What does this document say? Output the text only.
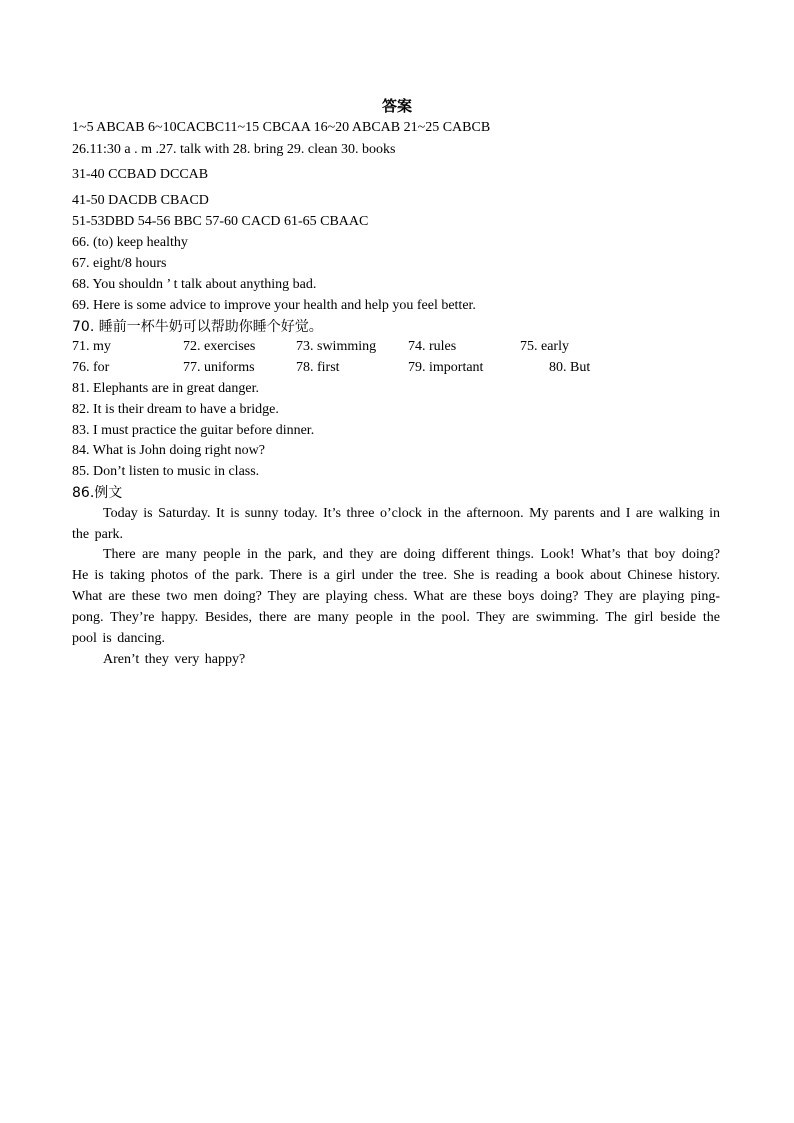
答案
1~5 ABCAB 6~10CACBC11~15 CBCAA 16~20 ABCAB 21~25 CABCB
26.11:30 a . m .27. talk with 28. bring 29. clean 30. books
31-40 CCBAD DCCAB
41-50 DACDB CBACD
51-53DBD 54-56 BBC 57-60 CACD 61-65 CBAAC
66. (to) keep healthy
67. eight/8 hours
68. You shouldn ’ t talk about anything bad.
69. Here is some advice to improve your health and help you feel better.
70. 睡前一杯牛奶可以帮助你睡个好觉。
71. my	72. exercises	73. swimming 74. rules	75. early
76. for	77. uniforms	78. first	79. important	80. But
81. Elephants are in great danger.
82. It is their dream to have a bridge.
83. I must practice the guitar before dinner.
84. What is John doing right now?
85. Don’t listen to music in class.
86.例文
Today is Saturday. It is sunny today. It’s three o’clock in the afternoon. My parents and I are walking in the park.
There are many people in the park, and they are doing different things. Look! What’s that boy doing? He is taking photos of the park. There is a girl under the tree. She is reading a book about Chinese history. What are these two men doing? They are playing chess. What are these boys doing? They are playing ping-pong. They’re happy. Besides, there are many people in the pool. They are swimming. The girl beside the pool is dancing.
Aren’t they very happy?
